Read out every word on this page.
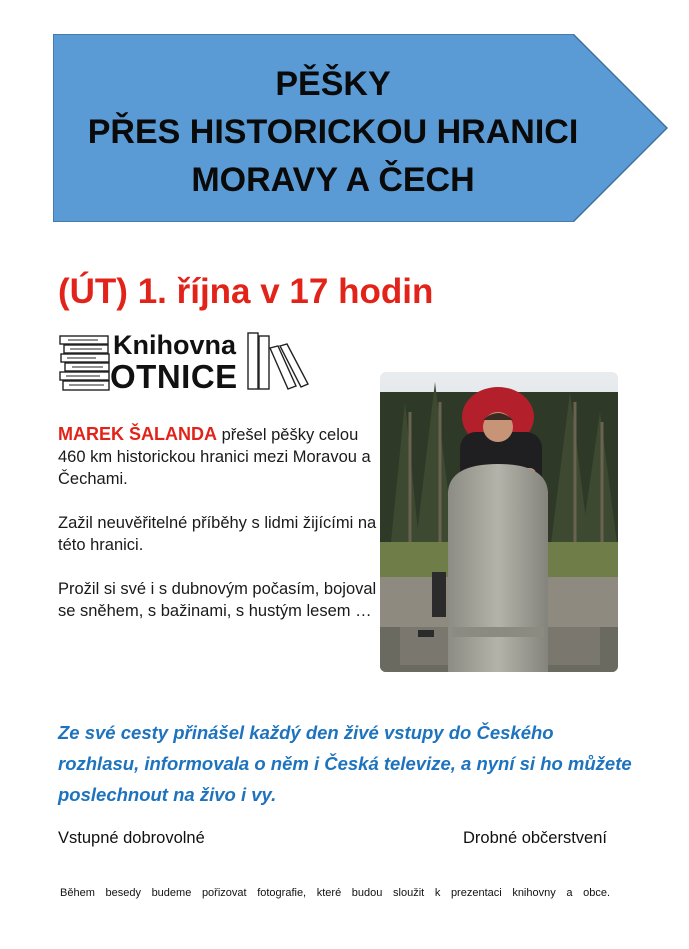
PĚŠKY
PŘES HISTORICKOU HRANICI
MORAVY A ČECH
(ÚT) 1. října v 17 hodin
Knihovna
OTNICE
MAREK ŠALANDA přešel pěšky celou 460 km historickou hranici mezi Moravou a Čechami.
Zažil neuvěřitelné příběhy s lidmi žijícími na této hranici.
Prožil si své i s dubnovým počasím, bojoval se sněhem, s bažinami, s hustým lesem …
Ze své cesty přinášel každý den živé vstupy do Českého rozhlasu, informovala o něm i Česká televize, a nyní si ho můžete poslechnout na živo i vy.
Vstupné dobrovolné	Drobné občerstvení
Během besedy budeme pořizovat fotografie, které budou sloužit k prezentaci knihovny a obce.
